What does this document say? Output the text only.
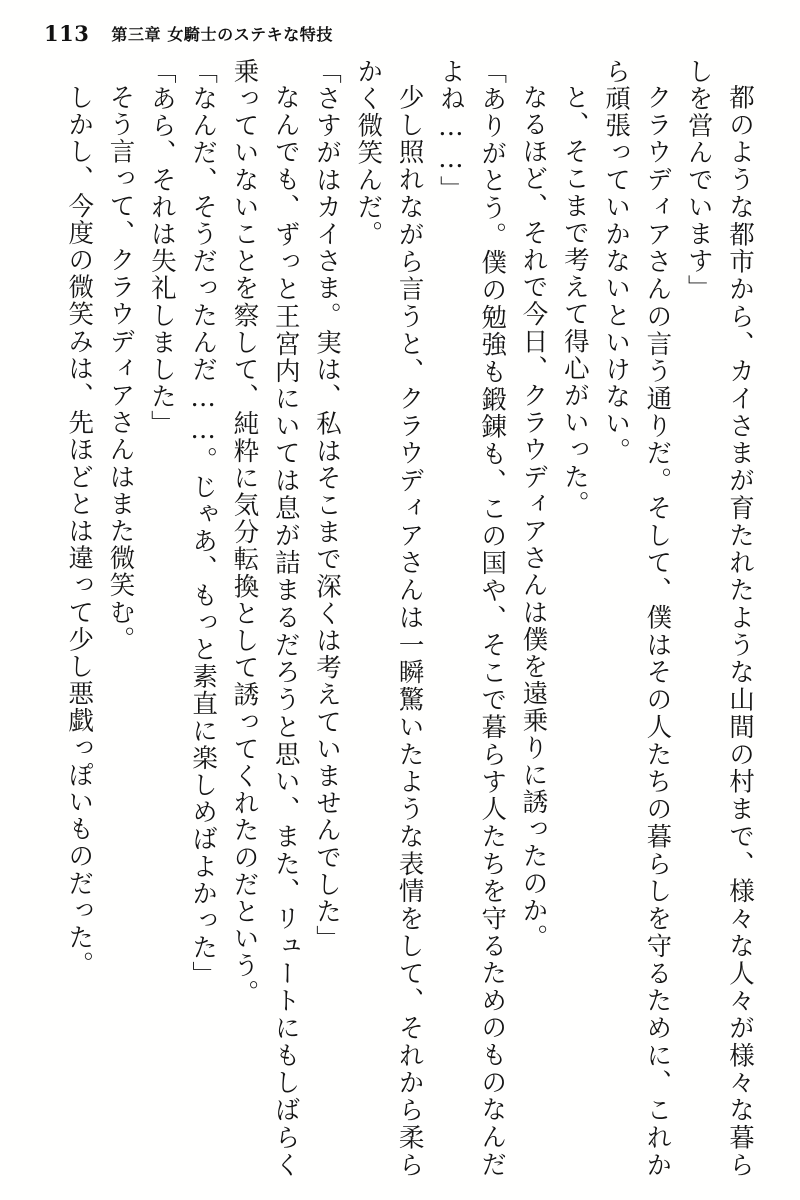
113 第三章 女騎士のステキな特技

都のような都市から、カイさまが育たれたような山間の村まで、様々な人々が様々な暮らしを営んでいます」

クラウディアさんの言う通りだ。そして、僕はその人たちの暮らしを守るために、これから頑張っていかないといけない。

と、そこまで考えて得心がいった。

なるほど、それで今日、クラウディアさんは僕を遠乗りに誘ったのか。

「ありがとう。僕の勉強も鍛錬も、この国や、そこで暮らす人たちを守るためのものなんだよね……」

少し照れながら言うと、クラウディアさんは一瞬驚いたような表情をして、それから柔らかく微笑んだ。

「さすがはカイさま。実は、私はそこまで深くは考えていませんでした」

なんでも、ずっと王宮内にいては息が詰まるだろうと思い、また、リュートにもしばらく乗っていないことを察して、純粋に気分転換として誘ってくれたのだという。

「なんだ、そうだったんだ……。じゃあ、もっと素直に楽しめばよかった」

「あら、それは失礼しました」

そう言って、クラウディアさんはまた微笑む。

しかし、今度の微笑みは、先ほどとは違って少し悪戯っぽいものだった。
